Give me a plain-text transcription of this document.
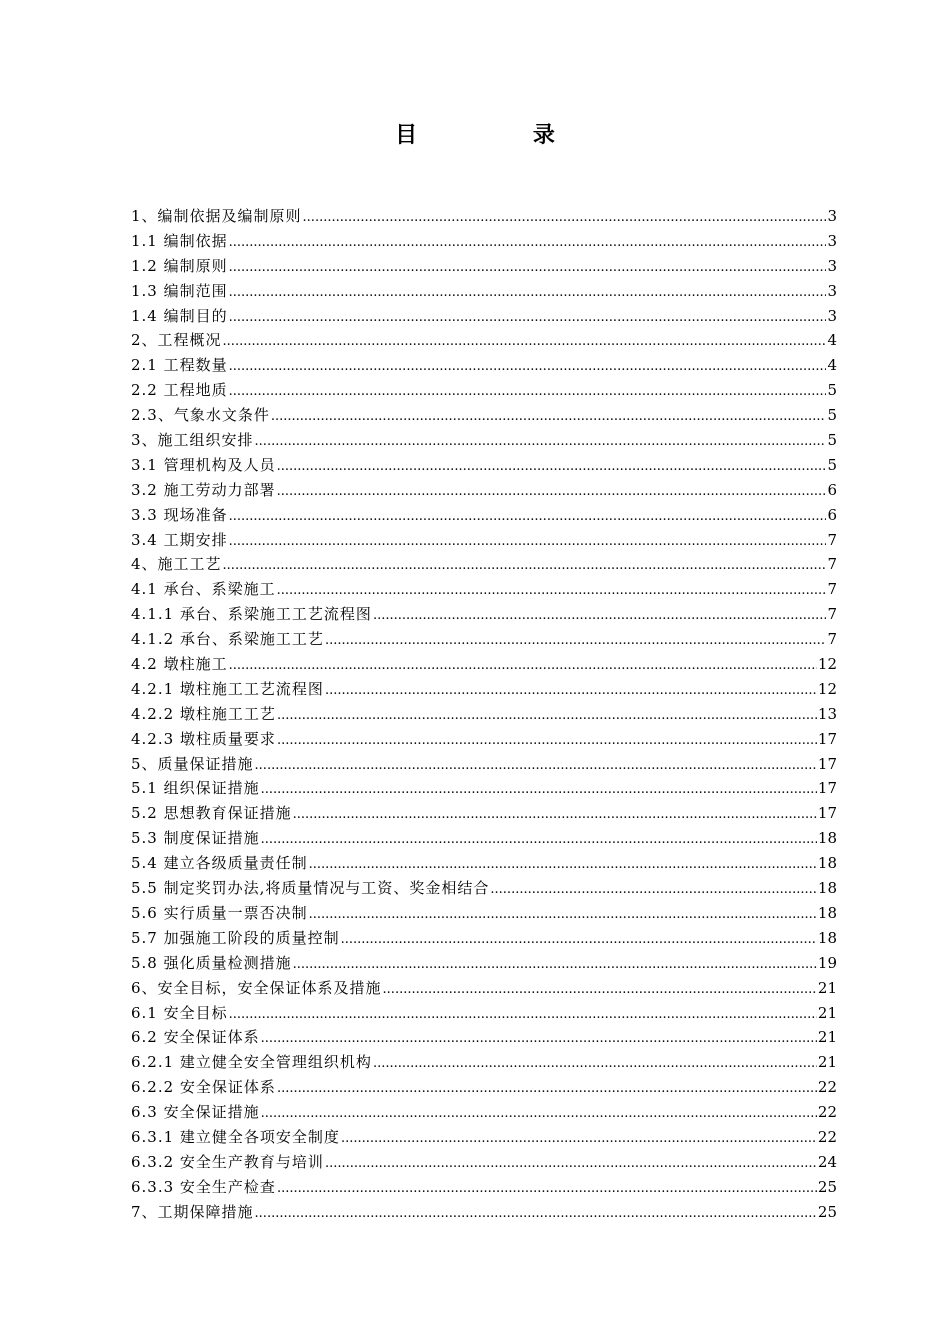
目 录
1、编制依据及编制原则 .....	3
1.1 编制依据 .....	3
1.2 编制原则 .....	3
1.3 编制范围 .....	3
1.4 编制目的 .....	3
2、工程概况 .....	4
2.1 工程数量 .....	4
2.2 工程地质 .....	5
2.3、气象水文条件 .....	5
3、施工组织安排 .....	5
3.1 管理机构及人员 .....	5
3.2 施工劳动力部署 .....	6
3.3 现场准备 .....	6
3.4 工期安排 .....	7
4、施工工艺 .....	7
4.1 承台、系梁施工 .....	7
4.1.1 承台、系梁施工工艺流程图 .....	7
4.1.2 承台、系梁施工工艺 .....	7
4.2 墩柱施工 .....	12
4.2.1 墩柱施工工艺流程图 .....	12
4.2.2 墩柱施工工艺 .....	13
4.2.3 墩柱质量要求 .....	17
5、质量保证措施 .....	17
5.1 组织保证措施 .....	17
5.2 思想教育保证措施 .....	17
5.3 制度保证措施 .....	18
5.4 建立各级质量责任制 .....	18
5.5 制定奖罚办法,将质量情况与工资、奖金相结合 .....	18
5.6 实行质量一票否决制 .....	18
5.7 加强施工阶段的质量控制 .....	18
5.8 强化质量检测措施 .....	19
6、安全目标，安全保证体系及措施 .....	21
6.1 安全目标 .....	21
6.2 安全保证体系 .....	21
6.2.1 建立健全安全管理组织机构 .....	21
6.2.2 安全保证体系 .....	22
6.3 安全保证措施 .....	22
6.3.1 建立健全各项安全制度 .....	22
6.3.2 安全生产教育与培训 .....	24
6.3.3 安全生产检查 .....	25
7、工期保障措施 .....	25
